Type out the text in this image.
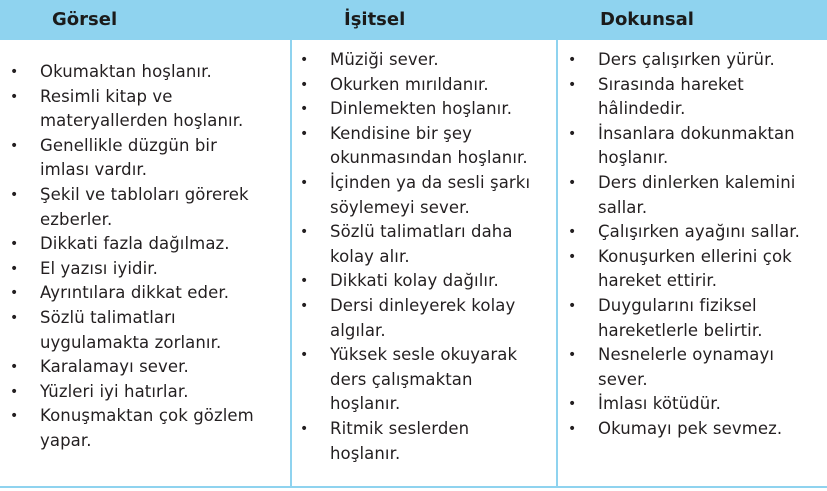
Görsel	İşitsel	Dokunsal
• Okumaktan hoşlanır.
• Resimli kitap ve
materyallerden hoşlanır.
• Genellikle düzgün bir
imlası vardır.
• Şekil ve tabloları görerek
ezberler.
• Dikkati fazla dağılmaz.
• El yazısı iyidir.
• Ayrıntılara dikkat eder.
• Sözlü talimatları
uygulamakta zorlanır.
• Karalamayı sever.
• Yüzleri iyi hatırlar.
• Konuşmaktan çok gözlem
yapar.
• Müziği sever.
• Okurken mırıldanır.
• Dinlemekten hoşlanır.
• Kendisine bir şey
okunmasından hoşlanır.
• İçinden ya da sesli şarkı
söylemeyi sever.
• Sözlü talimatları daha
kolay alır.
• Dikkati kolay dağılır.
• Dersi dinleyerek kolay
algılar.
• Yüksek sesle okuyarak
ders çalışmaktan
hoşlanır.
• Ritmik seslerden
hoşlanır.
• Ders çalışırken yürür.
• Sırasında hareket
hâlindedir.
• İnsanlara dokunmaktan
hoşlanır.
• Ders dinlerken kalemini
sallar.
• Çalışırken ayağını sallar.
• Konuşurken ellerini çok
hareket ettirir.
• Duygularını fiziksel
hareketlerle belirtir.
• Nesnelerle oynamayı
sever.
• İmlası kötüdür.
• Okumayı pek sevmez.
